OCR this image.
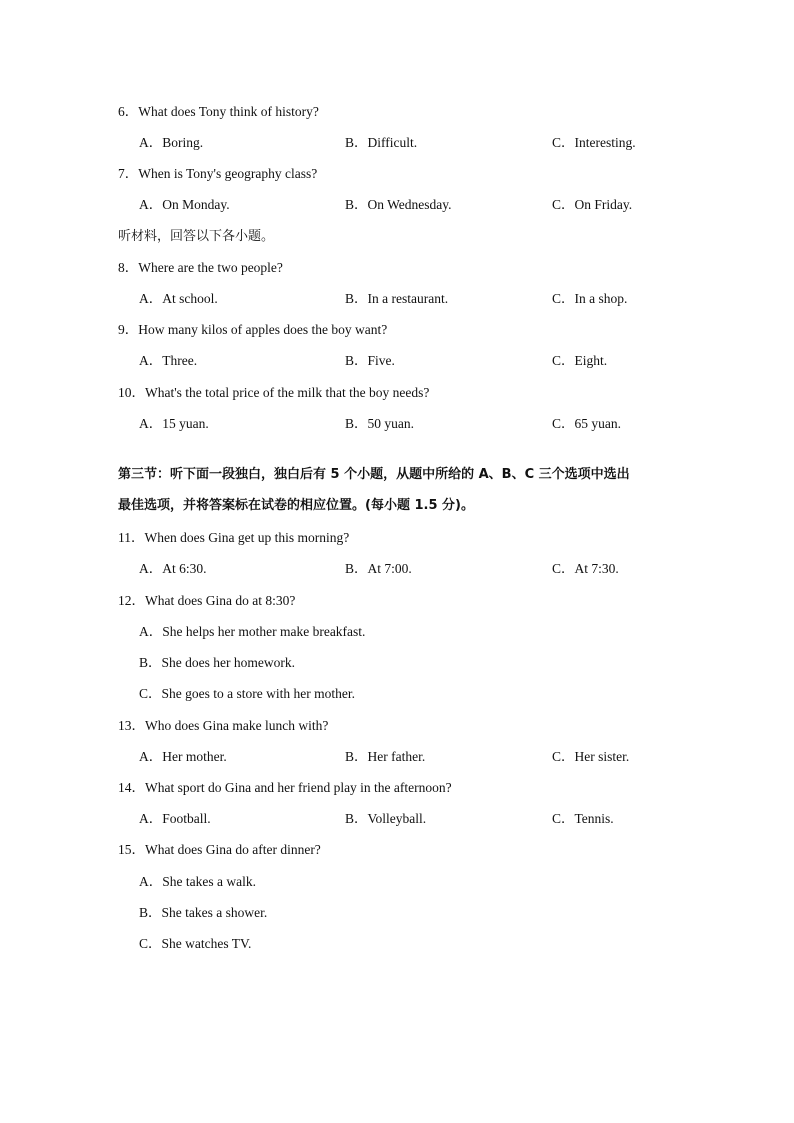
6．What does Tony think of history?
A．Boring.	B．Difficult.	C．Interesting.
7．When is Tony's geography class?
A．On Monday.	B．On Wednesday.	C．On Friday.
听材料，回答以下各小题。
8．Where are the two people?
A．At school.	B．In a restaurant.	C．In a shop.
9．How many kilos of apples does the boy want?
A．Three.	B．Five.	C．Eight.
10．What's the total price of the milk that the boy needs?
A．15 yuan.	B．50 yuan.	C．65 yuan.
第三节：听下面一段独白，独白后有 5 个小题，从题中所给的 A、B、C 三个选项中选出
最佳选项，并将答案标在试卷的相应位置。(每小题 1.5 分)。
11．When does Gina get up this morning?
A．At 6:30.	B．At 7:00.	C．At 7:30.
12．What does Gina do at 8:30?
A．She helps her mother make breakfast.
B．She does her homework.
C．She goes to a store with her mother.
13．Who does Gina make lunch with?
A．Her mother.	B．Her father.	C．Her sister.
14．What sport do Gina and her friend play in the afternoon?
A．Football.	B．Volleyball.	C．Tennis.
15．What does Gina do after dinner?
A．She takes a walk.
B．She takes a shower.
C．She watches TV.
